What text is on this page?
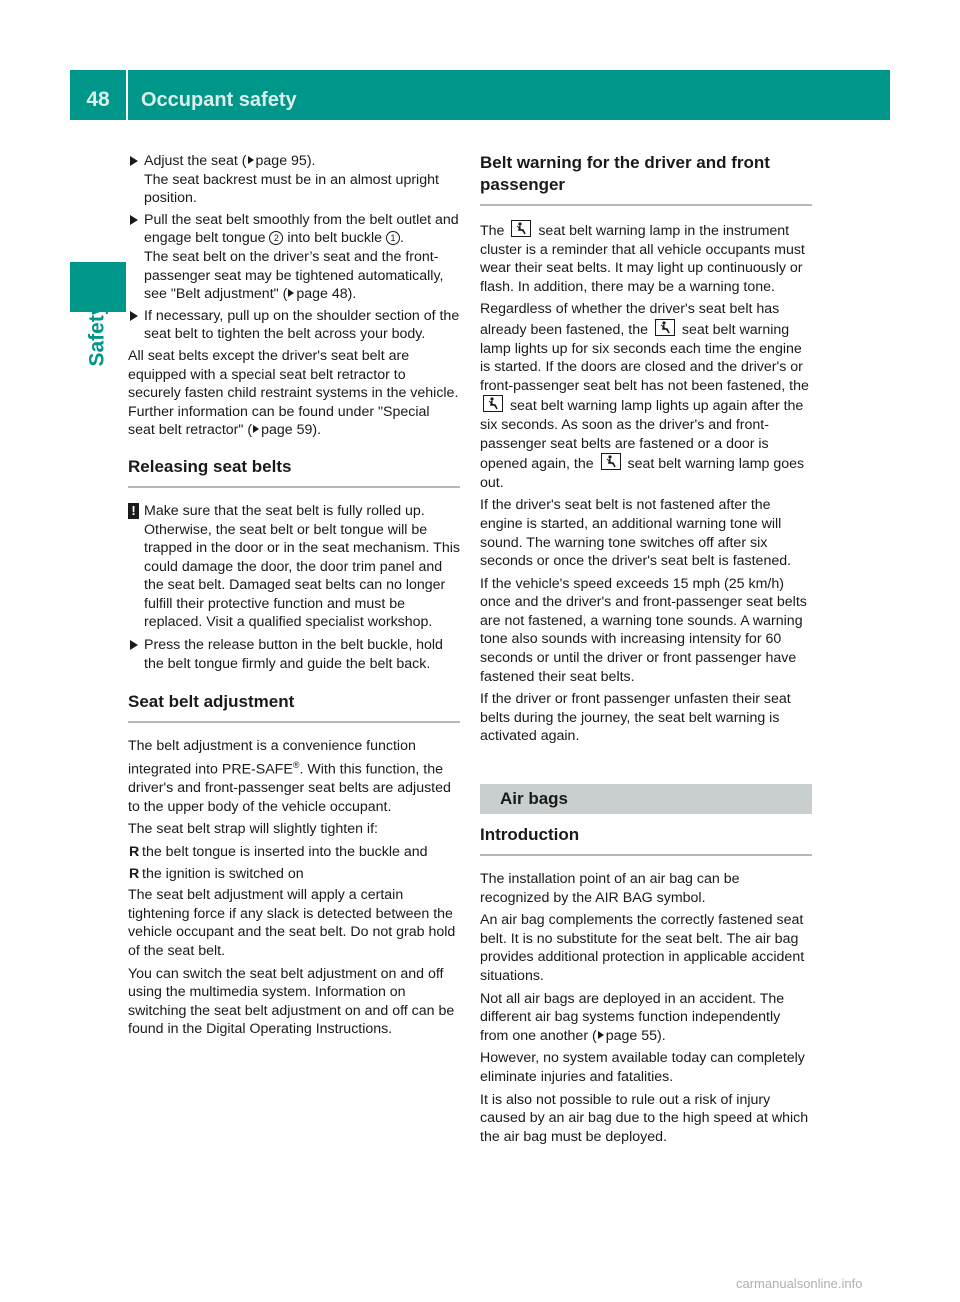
48	Occupant safety
Safety
Adjust the seat ( page 95).
The seat backrest must be in an almost upright position.
Pull the seat belt smoothly from the belt outlet and engage belt tongue 2 into belt buckle 1 .
The seat belt on the driver’s seat and the front-passenger seat may be tightened automatically, see "Belt adjustment" ( page 48).
If necessary, pull up on the shoulder section of the seat belt to tighten the belt across your body.

All seat belts except the driver's seat belt are equipped with a special seat belt retractor to securely fasten child restraint systems in the vehicle. Further information can be found under "Special seat belt retractor" ( page 59).

Releasing seat belts
! Make sure that the seat belt is fully rolled up. Otherwise, the seat belt or belt tongue will be trapped in the door or in the seat mechanism. This could damage the door, the door trim panel and the seat belt. Damaged seat belts can no longer fulfill their protective function and must be replaced. Visit a qualified specialist workshop.
Press the release button in the belt buckle, hold the belt tongue firmly and guide the belt back.
Seat belt adjustment

The belt adjustment is a convenience function integrated into PRE-SAFE®. With this function, the driver's and front-passenger seat belts are adjusted to the upper body of the vehicle occupant.

The seat belt strap will slightly tighten if:

R the belt tongue is inserted into the buckle and
R the ignition is switched on

The seat belt adjustment will apply a certain tightening force if any slack is detected between the vehicle occupant and the seat belt. Do not grab hold of the seat belt.

You can switch the seat belt adjustment on and off using the multimedia system. Information on switching the seat belt adjustment on and off can be found in the Digital Operating Instructions.

Belt warning for the driver and front passenger

The
seat belt warning lamp in the instrument cluster is a reminder that all vehicle occupants must wear their seat belts. It may light up continuously or flash. In addition, there may be a warning tone.

Regardless of whether the driver's seat belt has already been fastened, the
seat belt warning lamp lights up for six seconds each time the engine is started. If the doors are closed and the driver's or front-passenger seat belt has not been fastened, the
seat belt warning lamp lights up again after the six seconds. As soon as the driver's and front-passenger seat belts are fastened or a door is opened again, the
seat belt warning lamp goes out.

If the driver's seat belt is not fastened after the engine is started, an additional warning tone will sound. The warning tone switches off after six seconds or once the driver's seat belt is fastened.

If the vehicle's speed exceeds 15 mph (25 km/h) once and the driver's and front-passenger seat belts are not fastened, a warning tone sounds. A warning tone also sounds with increasing intensity for 60 seconds or until the driver or front passenger have fastened their seat belts.

If the driver or front passenger unfasten their seat belts during the journey, the seat belt warning is activated again.

Air bags
Introduction

The installation point of an air bag can be recognized by the AIR BAG symbol.

An air bag complements the correctly fastened seat belt. It is no substitute for the seat belt. The air bag provides additional protection in applicable accident situations.

Not all air bags are deployed in an accident. The different air bag systems function independently from one another ( page 55).

However, no system available today can completely eliminate injuries and fatalities.

It is also not possible to rule out a risk of injury caused by an air bag due to the high speed at which the air bag must be deployed.

carmanualsonline.info
